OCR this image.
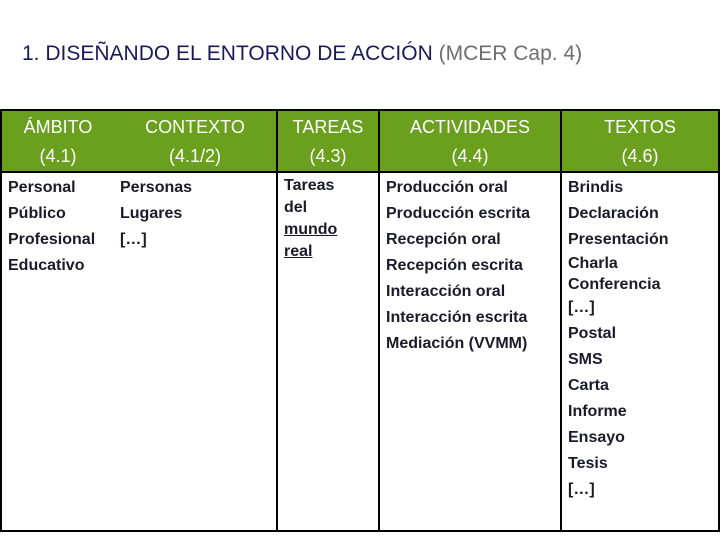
1. DISEÑANDO EL ENTORNO DE ACCIÓN (MCER Cap. 4)
ÁMBITO
(4.1)
CONTEXTO
(4.1/2)
TAREAS
(4.3)
ACTIVIDADES
(4.4)
TEXTOS
(4.6)
Personal
Público
Profesional
Educativo
Personas
Lugares
[…]
Tareas
del
mundo
real
Producción oral
Producción escrita
Recepción oral
Recepción escrita
Interacción oral
Interacción escrita
Mediación (VVMM)
Brindis
Declaración
Presentación
Charla
Conferencia
[…]
Postal
SMS
Carta
Informe
Ensayo
Tesis
[…]
